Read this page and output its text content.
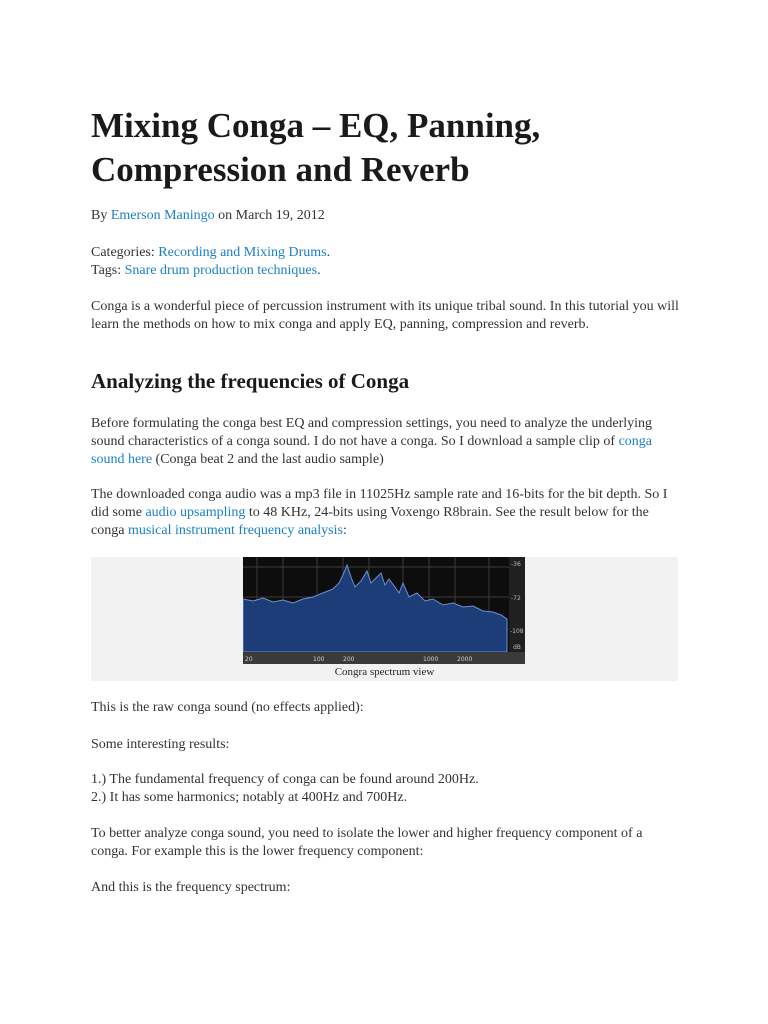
Mixing Conga – EQ, Panning, Compression and Reverb
By Emerson Maningo on March 19, 2012
Categories: Recording and Mixing Drums.
Tags: Snare drum production techniques.

Conga is a wonderful piece of percussion instrument with its unique tribal sound. In this tutorial you will learn the methods on how to mix conga and apply EQ, panning, compression and reverb.

Analyzing the frequencies of Conga

Before formulating the conga best EQ and compression settings, you need to analyze the underlying sound characteristics of a conga sound. I do not have a conga. So I download a sample clip of conga sound here (Conga beat 2 and the last audio sample)

The downloaded conga audio was a mp3 file in 11025Hz sample rate and 16-bits for the bit depth. So I did some audio upsampling to 48 KHz, 24-bits using Voxengo R8brain. See the result below for the conga musical instrument frequency analysis:

-36
-72
-108
dB
20	100	200	1000	2000
Congra spectrum view

This is the raw conga sound (no effects applied):

Some interesting results:

1.) The fundamental frequency of conga can be found around 200Hz.
2.) It has some harmonics; notably at 400Hz and 700Hz.

To better analyze conga sound, you need to isolate the lower and higher frequency component of a conga. For example this is the lower frequency component:

And this is the frequency spectrum:
